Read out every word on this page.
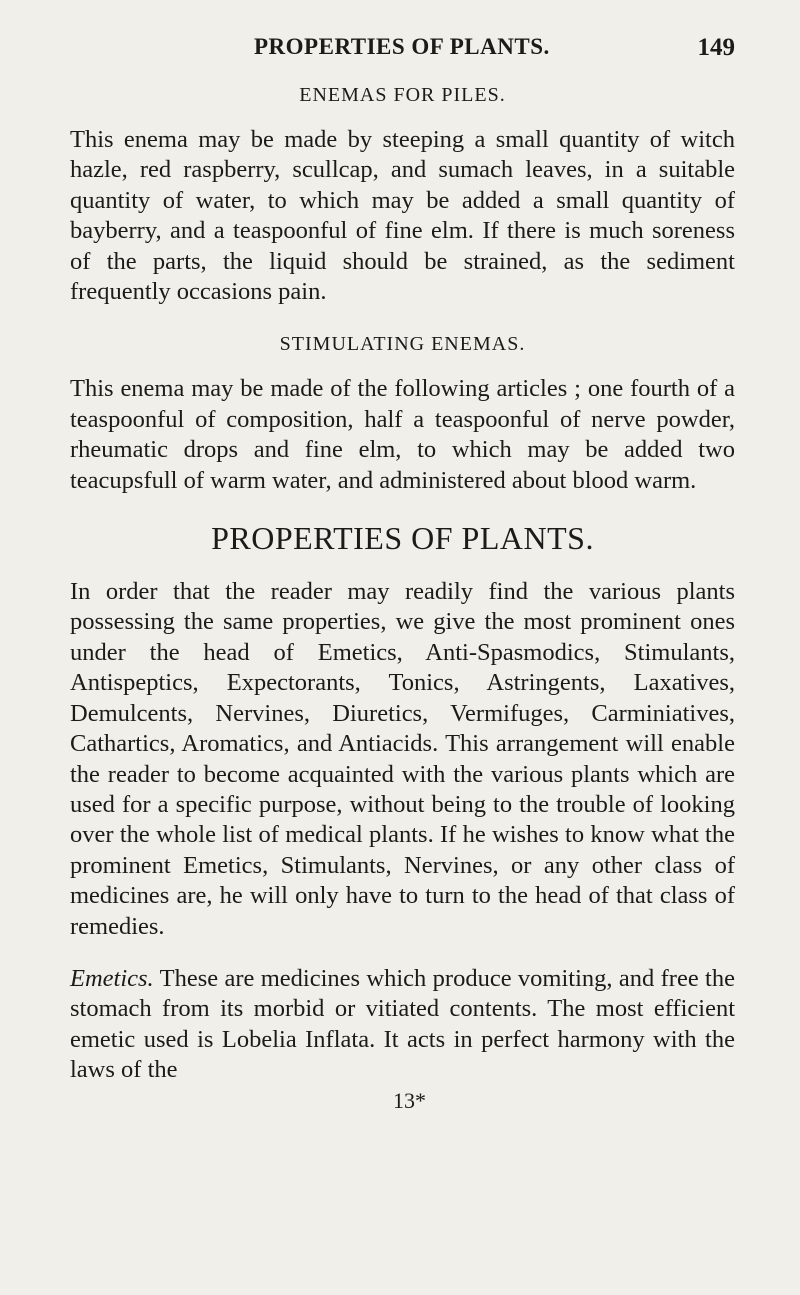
PROPERTIES OF PLANTS.	149
ENEMAS FOR PILES.

This enema may be made by steeping a small quantity of witch hazle, red raspberry, scullcap, and sumach leaves, in a suitable quantity of water, to which may be added a small quantity of bayberry, and a teaspoonful of fine elm. If there is much soreness of the parts, the liquid should be strained, as the sediment frequently occasions pain.

STIMULATING ENEMAS.

This enema may be made of the following articles ; one fourth of a teaspoonful of composition, half a teaspoonful of nerve powder, rheumatic drops and fine elm, to which may be added two teacupsfull of warm water, and administered about blood warm.

PROPERTIES OF PLANTS.

In order that the reader may readily find the various plants possessing the same properties, we give the most prominent ones under the head of Emetics, Anti-Spasmodics, Stimulants, Antispeptics, Expectorants, Tonics, Astringents, Laxatives, Demulcents, Nervines, Diuretics, Vermifuges, Carminiatives, Cathartics, Aromatics, and Antiacids. This arrangement will enable the reader to become acquainted with the various plants which are used for a specific purpose, without being to the trouble of looking over the whole list of medical plants. If he wishes to know what the prominent Emetics, Stimulants, Nervines, or any other class of medicines are, he will only have to turn to the head of that class of remedies.

Emetics. These are medicines which produce vomiting, and free the stomach from its morbid or vitiated contents. The most efficient emetic used is Lobelia Inflata. It acts in perfect harmony with the laws of the

13*
